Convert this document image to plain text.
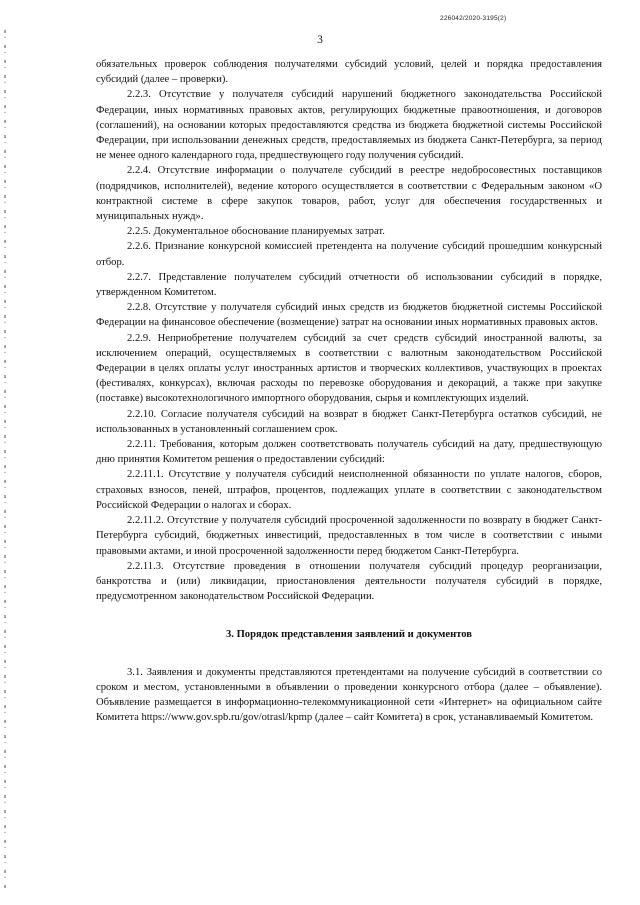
226042/2020-3195(2)
3

обязательных проверок соблюдения получателями субсидий условий, целей и порядка предоставления субсидий (далее – проверки).

2.2.3. Отсутствие у получателя субсидий нарушений бюджетного законодательства Российской Федерации, иных нормативных правовых актов, регулирующих бюджетные правоотношения, и договоров (соглашений), на основании которых предоставляются средства из бюджета бюджетной системы Российской Федерации, при использовании денежных средств, предоставляемых из бюджета Санкт-Петербурга, за период не менее одного календарного года, предшествующего году получения субсидий.

2.2.4. Отсутствие информации о получателе субсидий в реестре недобросовестных поставщиков (подрядчиков, исполнителей), ведение которого осуществляется в соответствии с Федеральным законом «О контрактной системе в сфере закупок товаров, работ, услуг для обеспечения государственных и муниципальных нужд».

2.2.5. Документальное обоснование планируемых затрат.

2.2.6. Признание конкурсной комиссией претендента на получение субсидий прошедшим конкурсный отбор.

2.2.7. Представление получателем субсидий отчетности об использовании субсидий в порядке, утвержденном Комитетом.

2.2.8. Отсутствие у получателя субсидий иных средств из бюджетов бюджетной системы Российской Федерации на финансовое обеспечение (возмещение) затрат на основании иных нормативных правовых актов.

2.2.9. Неприобретение получателем субсидий за счет средств субсидий иностранной валюты, за исключением операций, осуществляемых в соответствии с валютным законодательством Российской Федерации в целях оплаты услуг иностранных артистов и творческих коллективов, участвующих в проектах (фестивалях, конкурсах), включая расходы по перевозке оборудования и декораций, а также при закупке (поставке) высокотехнологичного импортного оборудования, сырья и комплектующих изделий.

2.2.10. Согласие получателя субсидий на возврат в бюджет Санкт-Петербурга остатков субсидий, не использованных в установленный соглашением срок.

2.2.11. Требования, которым должен соответствовать получатель субсидий на дату, предшествующую дню принятия Комитетом решения о предоставлении субсидий:

2.2.11.1. Отсутствие у получателя субсидий неисполненной обязанности по уплате налогов, сборов, страховых взносов, пеней, штрафов, процентов, подлежащих уплате в соответствии с законодательством Российской Федерации о налогах и сборах.

2.2.11.2. Отсутствие у получателя субсидий просроченной задолженности по возврату в бюджет Санкт-Петербурга субсидий, бюджетных инвестиций, предоставленных в том числе в соответствии с иными правовыми актами, и иной просроченной задолженности перед бюджетом Санкт-Петербурга.

2.2.11.3. Отсутствие проведения в отношении получателя субсидий процедур реорганизации, банкротства и (или) ликвидации, приостановления деятельности получателя субсидий в порядке, предусмотренном законодательством Российской Федерации.

3. Порядок представления заявлений и документов

3.1. Заявления и документы представляются претендентами на получение субсидий в соответствии со сроком и местом, установленными в объявлении о проведении конкурсного отбора (далее – объявление). Объявление размещается в информационно-телекоммуникационной сети «Интернет» на официальном сайте Комитета https://www.gov.spb.ru/gov/otrasl/kpmp (далее – сайт Комитета) в срок, устанавливаемый Комитетом.
